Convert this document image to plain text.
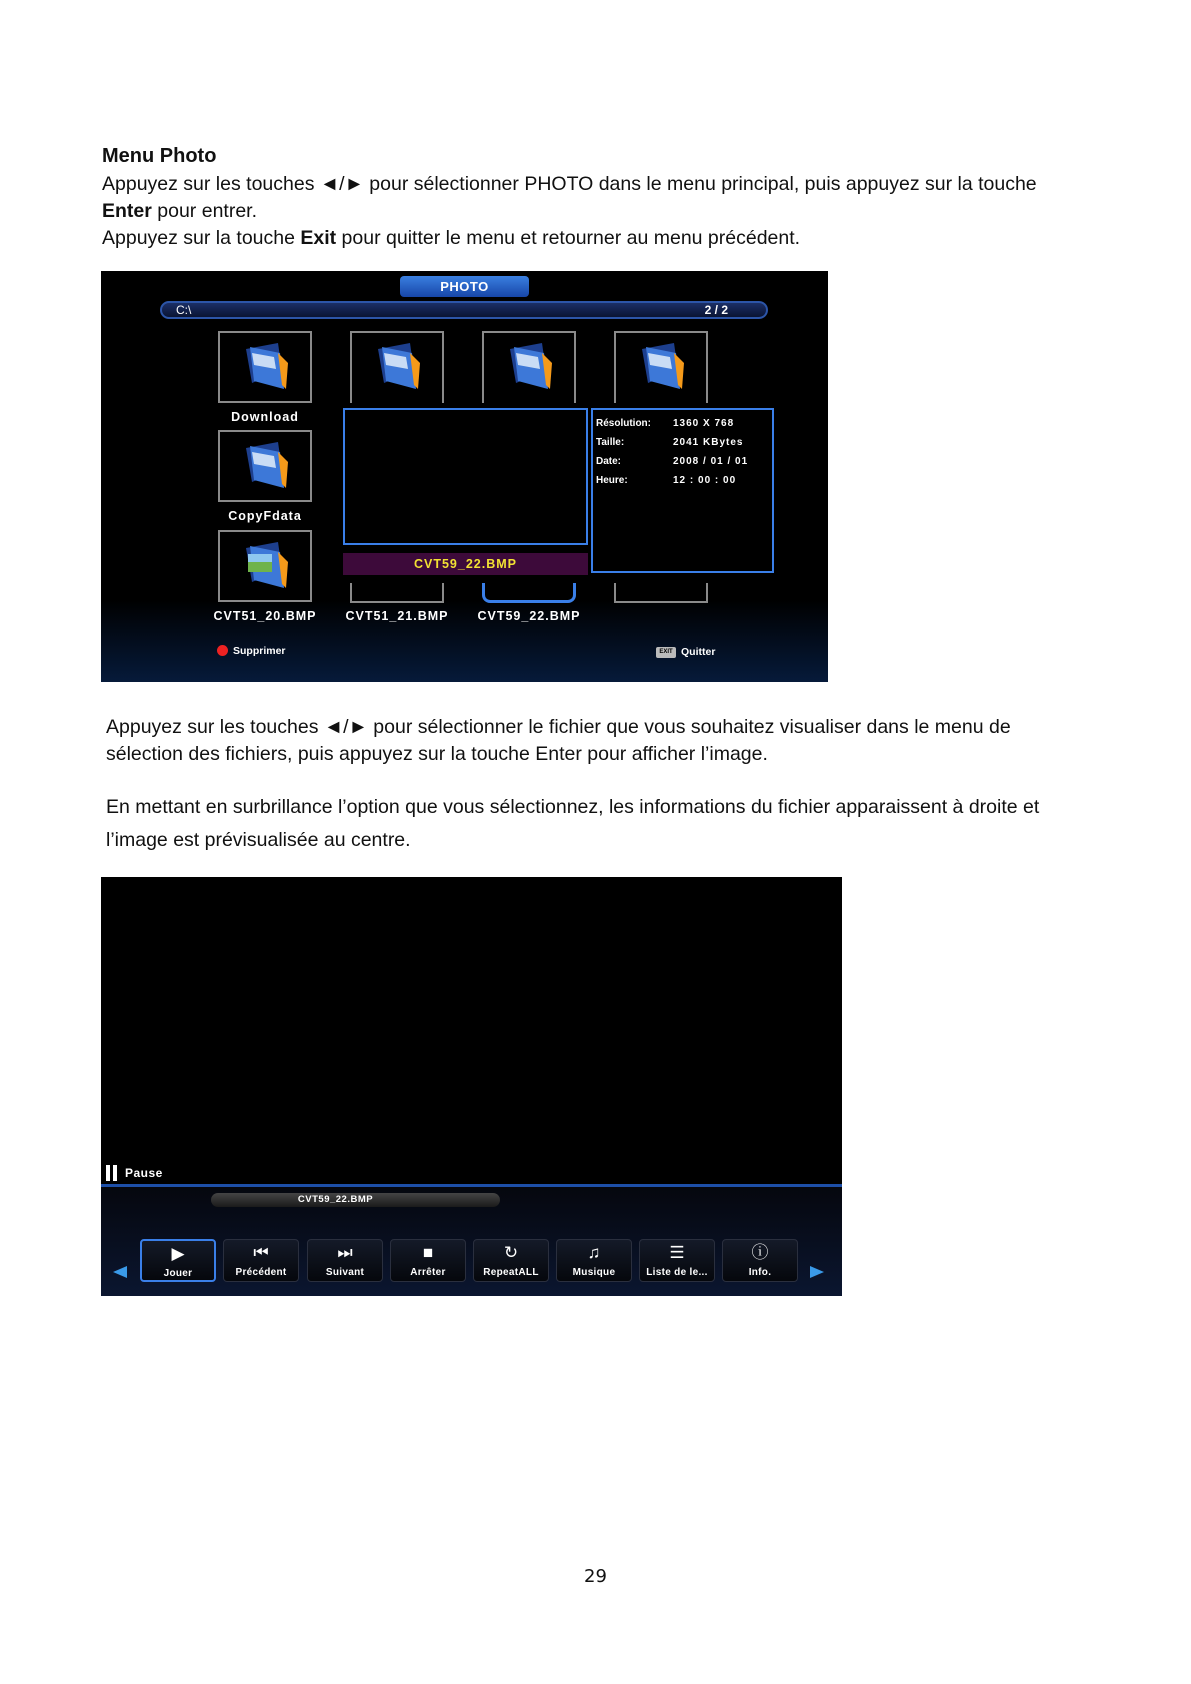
Menu Photo
Appuyez sur les touches ◄/► pour sélectionner PHOTO dans le menu principal, puis appuyez sur la touche Enter pour entrer.
Appuyez sur la touche Exit pour quitter le menu et retourner au menu précédent.
PHOTO
C:\	2 / 2
Download
CopyFdata
Résolution: 1360 X 768
Taille:	2041 KBytes
Date:	2008 / 01 / 01
Heure:	12 : 00 : 00
CVT59_22.BMP
CVT51_20.BMP	CVT51_21.BMP	CVT59_22.BMP
Supprimer	EXIT Quitter
Appuyez sur les touches ◄/► pour sélectionner le fichier que vous souhaitez visualiser dans le menu de sélection des fichiers, puis appuyez sur la touche Enter pour afficher l’image.
En mettant en surbrillance l’option que vous sélectionnez, les informations du fichier apparaissent à droite et l’image est prévisualisée au centre.
Pause
CVT59_22.BMP
▶
Jouer
⏮
Précédent
⏭
Suivant
■
Arrêter
↻
RepeatALL
♫
Musique
☰
Liste de le...
ⓘ
Info.
29
